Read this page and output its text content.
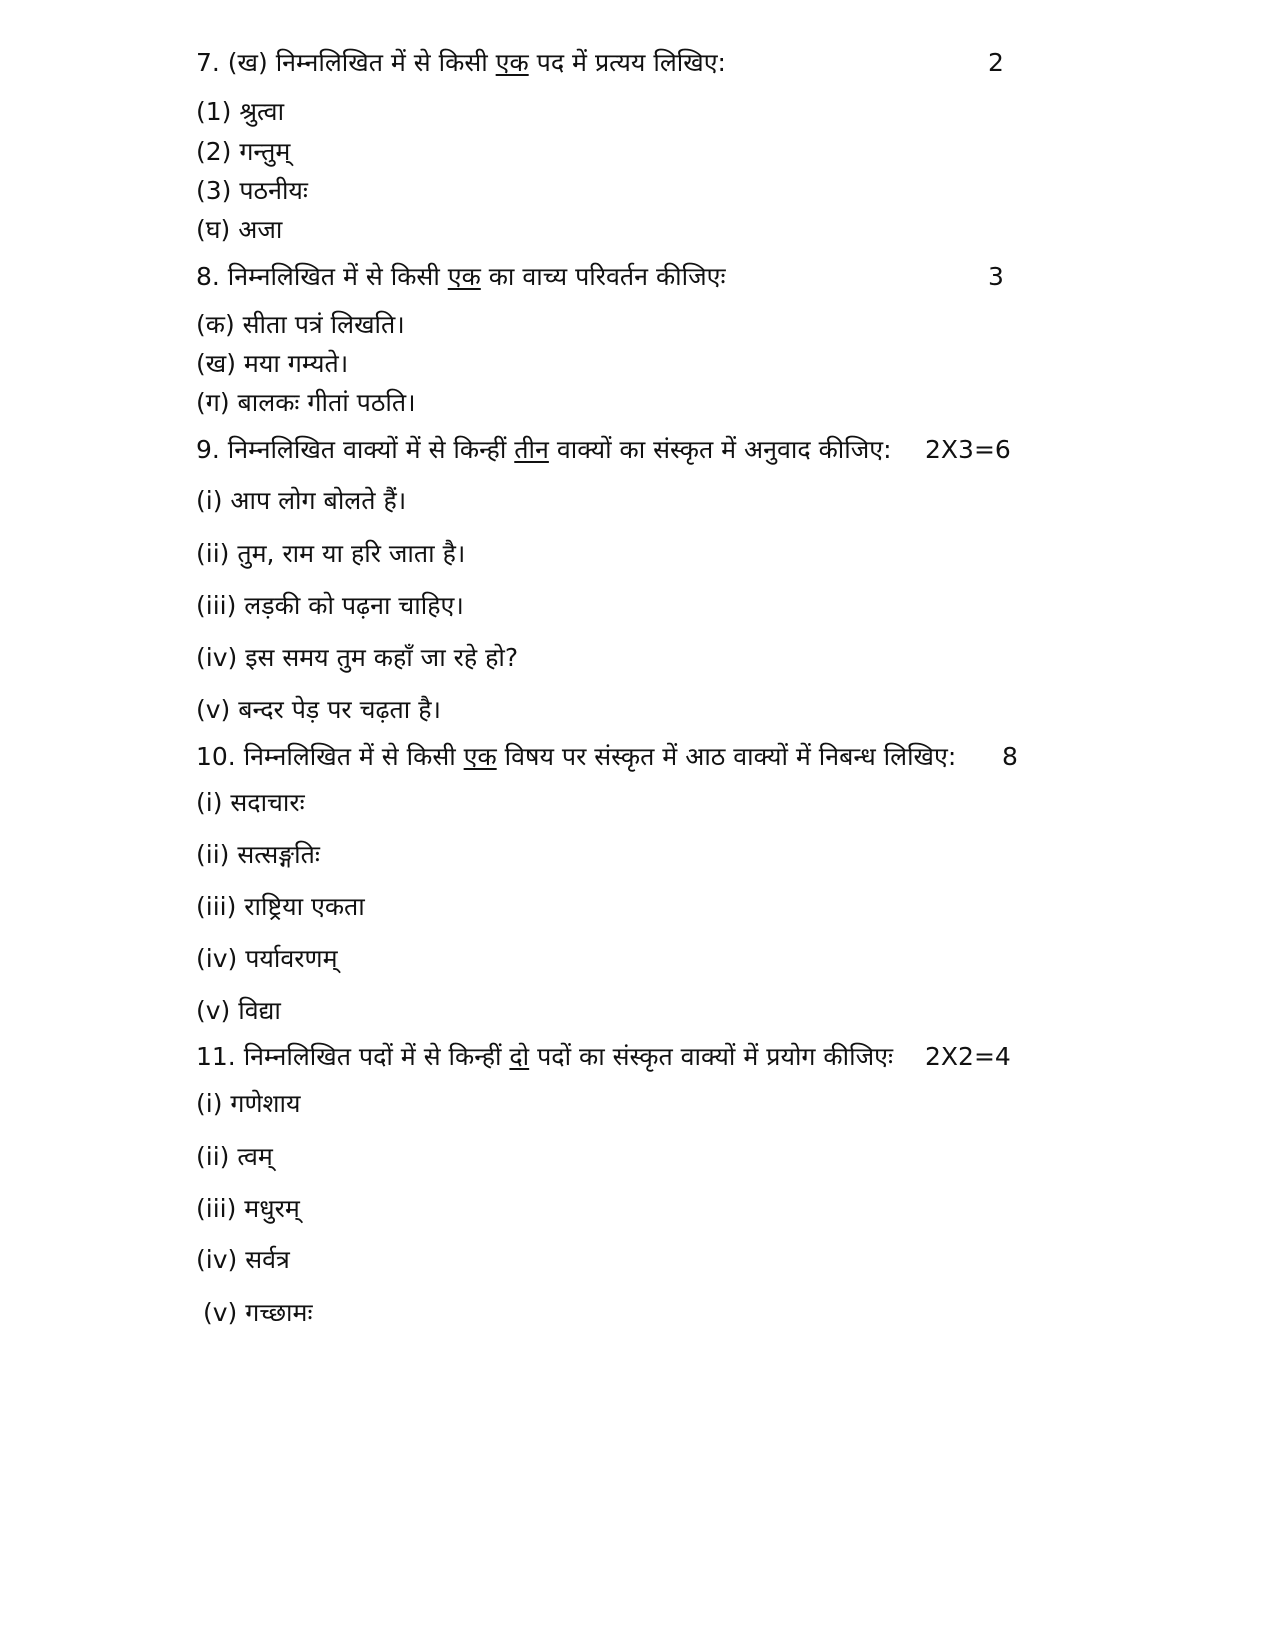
7. (ख) निम्नलिखित में से किसी एक पद में प्रत्यय लिखिए:	2
(1) श्रुत्वा
(2) गन्तुम्
(3) पठनीयः
(घ) अजा
8. निम्नलिखित में से किसी एक का वाच्य परिवर्तन कीजिएः	3
(क) सीता पत्रं लिखति।
(ख) मया गम्यते।
(ग) बालकः गीतां पठति।
9. निम्नलिखित वाक्यों में से किन्हीं तीन वाक्यों का संस्कृत में अनुवाद कीजिए:	2X3=6
(i) आप लोग बोलते हैं।
(ii) तुम, राम या हरि जाता है।
(iii) लड़की को पढ़ना चाहिए।
(iv) इस समय तुम कहाँ जा रहे हो?
(v) बन्दर पेड़ पर चढ़ता है।
10. निम्नलिखित में से किसी एक विषय पर संस्कृत में आठ वाक्यों में निबन्ध लिखिए:	8
(i) सदाचारः
(ii) सत्सङ्गतिः
(iii) राष्ट्रिया एकता
(iv) पर्यावरणम्
(v) विद्या
11. निम्नलिखित पदों में से किन्हीं दो पदों का संस्कृत वाक्यों में प्रयोग कीजिएः	2X2=4
(i) गणेशाय
(ii) त्वम्
(iii) मधुरम्
(iv) सर्वत्र
(v) गच्छामः
